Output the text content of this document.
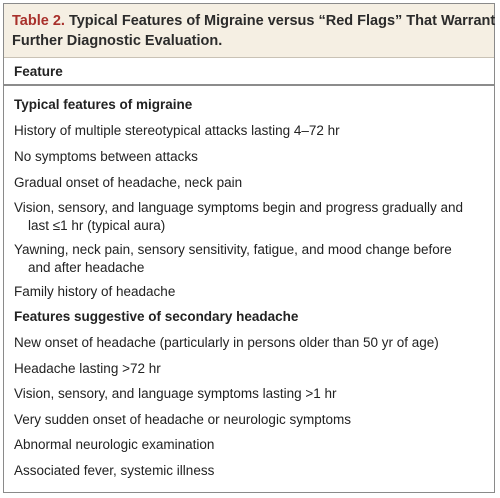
Table 2. Typical Features of Migraine versus “Red Flags” That Warrant
Further Diagnostic Evaluation.
Feature
Typical features of migraine
History of multiple stereotypical attacks lasting 4–72 hr
No symptoms between attacks
Gradual onset of headache, neck pain
Vision, sensory, and language symptoms begin and progress gradually and
last ≤1 hr (typical aura)
Yawning, neck pain, sensory sensitivity, fatigue, and mood change before
and after headache
Family history of headache
Features suggestive of secondary headache
New onset of headache (particularly in persons older than 50 yr of age)
Headache lasting >72 hr
Vision, sensory, and language symptoms lasting >1 hr
Very sudden onset of headache or neurologic symptoms
Abnormal neurologic examination
Associated fever, systemic illness
